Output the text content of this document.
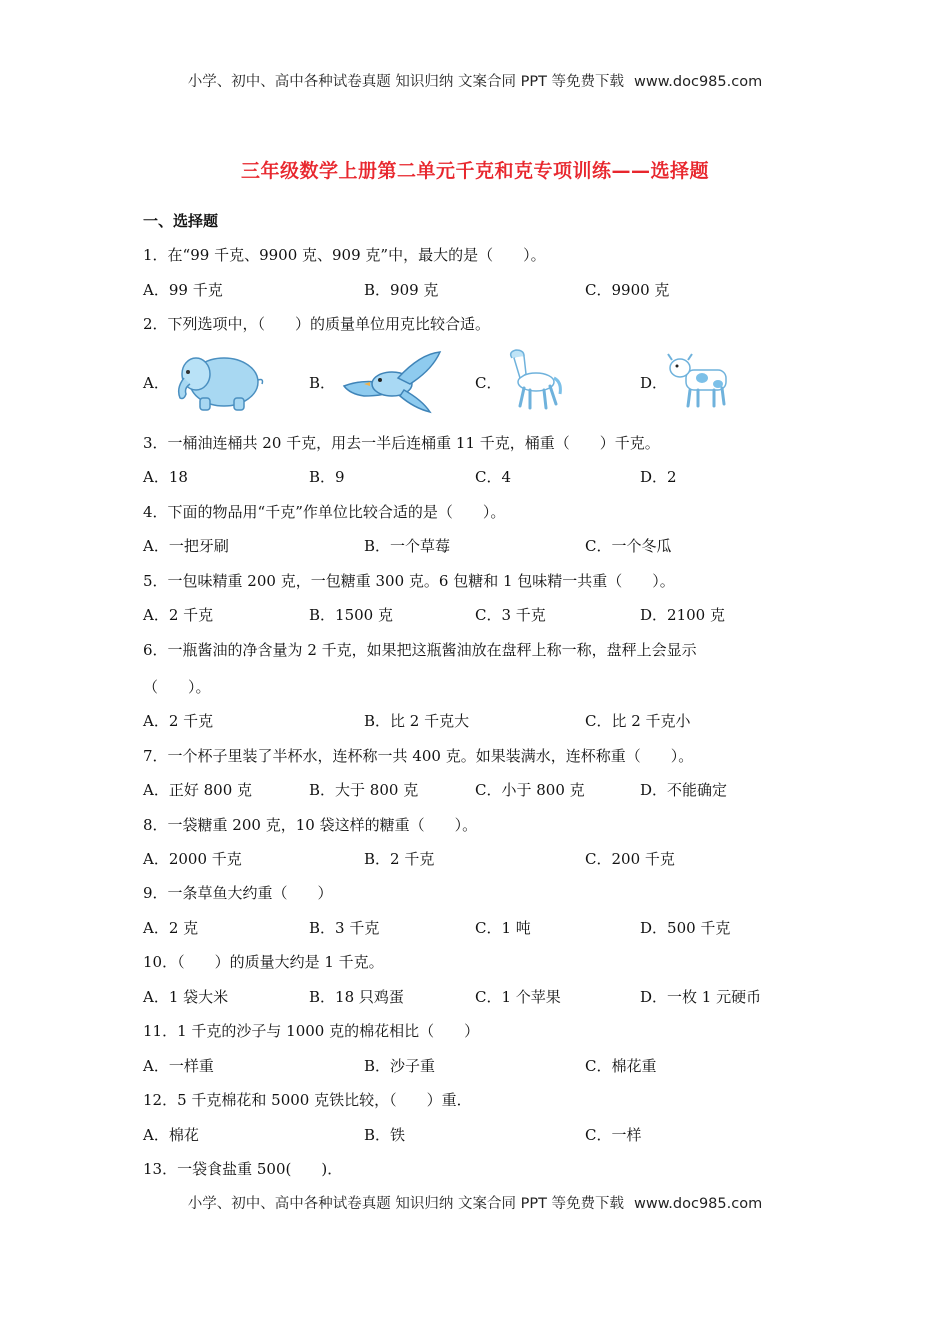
小学、初中、高中各种试卷真题 知识归纳 文案合同 PPT 等免费下载 www.doc985.com
三年级数学上册第二单元千克和克专项训练——选择题
一、选择题
1．在“99 千克、9900 克、909 克”中，最大的是（　　）。
A．99 千克	B．909 克	C．9900 克
2．下列选项中，（　　）的质量单位用克比较合适。
A．	B．	C．	D．
3．一桶油连桶共 20 千克，用去一半后连桶重 11 千克，桶重（　　）千克。
A．18	B．9	C．4	D．2
4．下面的物品用“千克”作单位比较合适的是（　　）。
A．一把牙刷	B．一个草莓	C．一个冬瓜
5．一包味精重 200 克，一包糖重 300 克。6 包糖和 1 包味精一共重（　　）。
A．2 千克	B．1500 克	C．3 千克	D．2100 克
6．一瓶酱油的净含量为 2 千克，如果把这瓶酱油放在盘秤上称一称，盘秤上会显示
（　　）。
A．2 千克	B．比 2 千克大	C．比 2 千克小
7．一个杯子里装了半杯水，连杯称一共 400 克。如果装满水，连杯称重（　　）。
A．正好 800 克	B．大于 800 克	C．小于 800 克	D．不能确定
8．一袋糖重 200 克，10 袋这样的糖重（　　）。
A．2000 千克	B．2 千克	C．200 千克
9．一条草鱼大约重（　　）
A．2 克	B．3 千克	C．1 吨	D．500 千克
10．（　　）的质量大约是 1 千克。
A．1 袋大米	B．18 只鸡蛋	C．1 个苹果	D．一枚 1 元硬币
11．1 千克的沙子与 1000 克的棉花相比（　　）
A．一样重	B．沙子重	C．棉花重
12．5 千克棉花和 5000 克铁比较，（　　）重．
A．棉花	B．铁	C．一样
13．一袋食盐重 500(　　)．
小学、初中、高中各种试卷真题 知识归纳 文案合同 PPT 等免费下载 www.doc985.com
